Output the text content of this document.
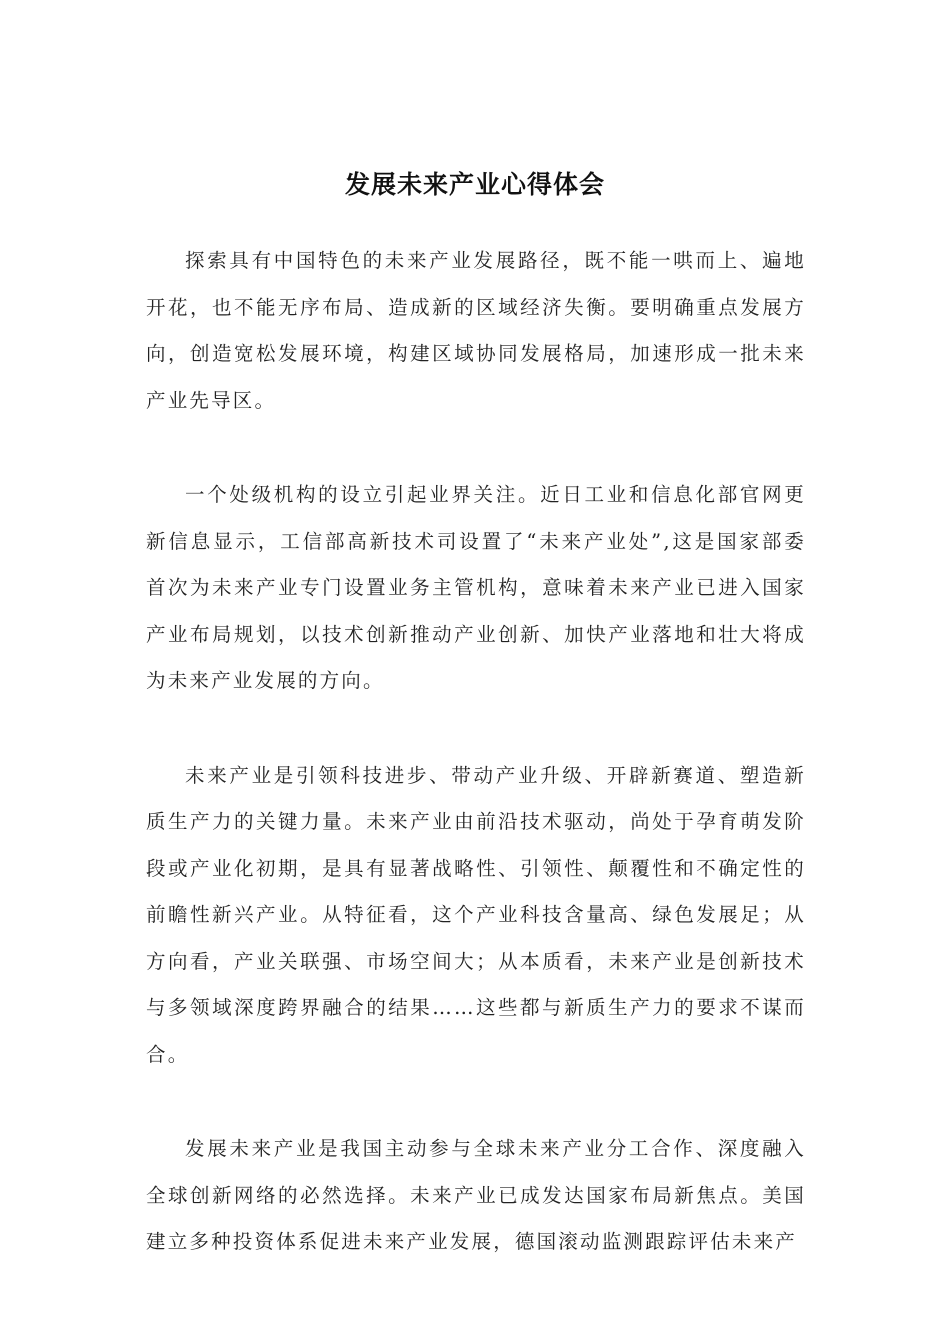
发展未来产业心得体会

探索具有中国特色的未来产业发展路径，既不能一哄而上、遍地开花，也不能无序布局、造成新的区域经济失衡。要明确重点发展方向，创造宽松发展环境，构建区域协同发展格局，加速形成一批未来产业先导区。

一个处级机构的设立引起业界关注。近日工业和信息化部官网更新信息显示，工信部高新技术司设置了“未来产业处”,这是国家部委首次为未来产业专门设置业务主管机构，意味着未来产业已进入国家产业布局规划，以技术创新推动产业创新、加快产业落地和壮大将成为未来产业发展的方向。

未来产业是引领科技进步、带动产业升级、开辟新赛道、塑造新质生产力的关键力量。未来产业由前沿技术驱动，尚处于孕育萌发阶段或产业化初期，是具有显著战略性、引领性、颠覆性和不确定性的前瞻性新兴产业。从特征看，这个产业科技含量高、绿色发展足；从方向看，产业关联强、市场空间大；从本质看，未来产业是创新技术与多领域深度跨界融合的结果……这些都与新质生产力的要求不谋而合。

发展未来产业是我国主动参与全球未来产业分工合作、深度融入全球创新网络的必然选择。未来产业已成发达国家布局新焦点。美国建立多种投资体系促进未来产业发展，德国滚动监测跟踪评估未来产
